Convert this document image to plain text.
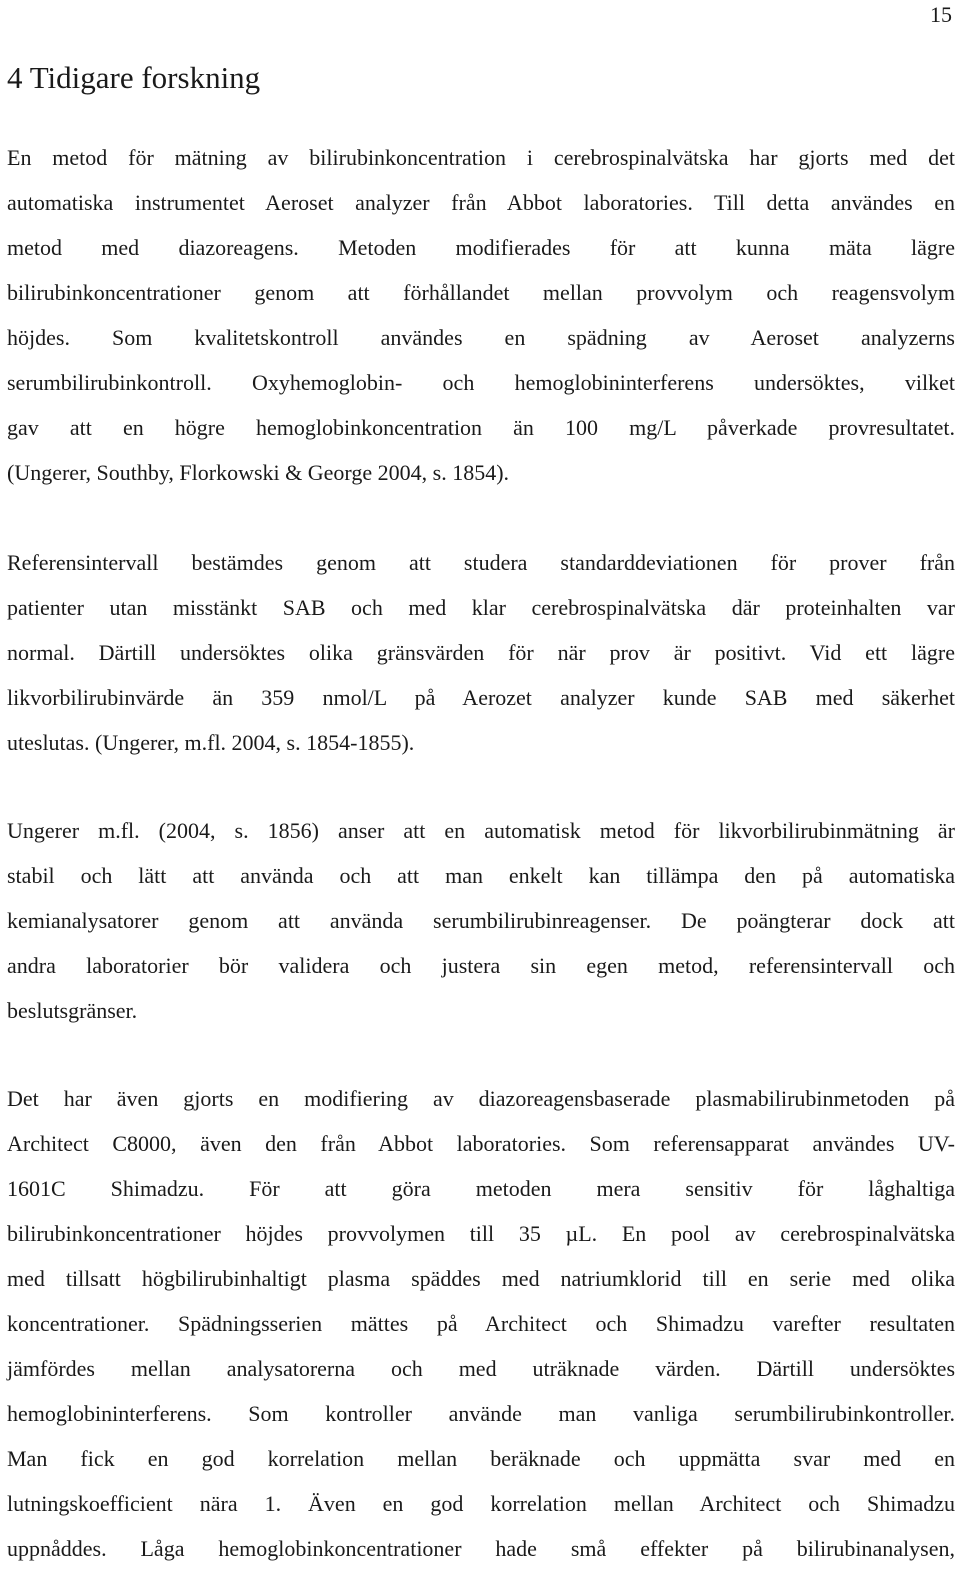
15
4 Tidigare forskning

En metod för mätning av bilirubinkoncentration i cerebrospinalvätska har gjorts med det
automatiska instrumentet Aeroset analyzer från Abbot laboratories. Till detta användes en
metod med diazoreagens. Metoden modifierades för att kunna mäta lägre
bilirubinkoncentrationer genom att förhållandet mellan provvolym och reagensvolym
höjdes. Som kvalitetskontroll användes en spädning av Aeroset analyzerns
serumbilirubinkontroll. Oxyhemoglobin- och hemoglobininterferens undersöktes, vilket
gav att en högre hemoglobinkoncentration än 100 mg/L påverkade provresultatet.
(Ungerer, Southby, Florkowski & George 2004, s. 1854).

Referensintervall bestämdes genom att studera standarddeviationen för prover från
patienter utan misstänkt SAB och med klar cerebrospinalvätska där proteinhalten var
normal. Därtill undersöktes olika gränsvärden för när prov är positivt. Vid ett lägre
likvorbilirubinvärde än 359 nmol/L på Aerozet analyzer kunde SAB med säkerhet
uteslutas. (Ungerer, m.fl. 2004, s. 1854-1855).

Ungerer m.fl. (2004, s. 1856) anser att en automatisk metod för likvorbilirubinmätning är
stabil och lätt att använda och att man enkelt kan tillämpa den på automatiska
kemianalysatorer genom att använda serumbilirubinreagenser. De poängterar dock att
andra laboratorier bör validera och justera sin egen metod, referensintervall och
beslutsgränser.

Det har även gjorts en modifiering av diazoreagensbaserade plasmabilirubinmetoden på
Architect C8000, även den från Abbot laboratories. Som referensapparat användes UV-
1601C Shimadzu. För att göra metoden mera sensitiv för låghaltiga
bilirubinkoncentrationer höjdes provvolymen till 35 µL. En pool av cerebrospinalvätska
med tillsatt högbilirubinhaltigt plasma späddes med natriumklorid till en serie med olika
koncentrationer. Spädningsserien mättes på Architect och Shimadzu varefter resultaten
jämfördes mellan analysatorerna och med uträknade värden. Därtill undersöktes
hemoglobininterferens. Som kontroller använde man vanliga serumbilirubinkontroller.
Man fick en god korrelation mellan beräknade och uppmätta svar med en
lutningskoefficient nära 1. Även en god korrelation mellan Architect och Shimadzu
uppnåddes. Låga hemoglobinkoncentrationer hade små effekter på bilirubinanalysen,
